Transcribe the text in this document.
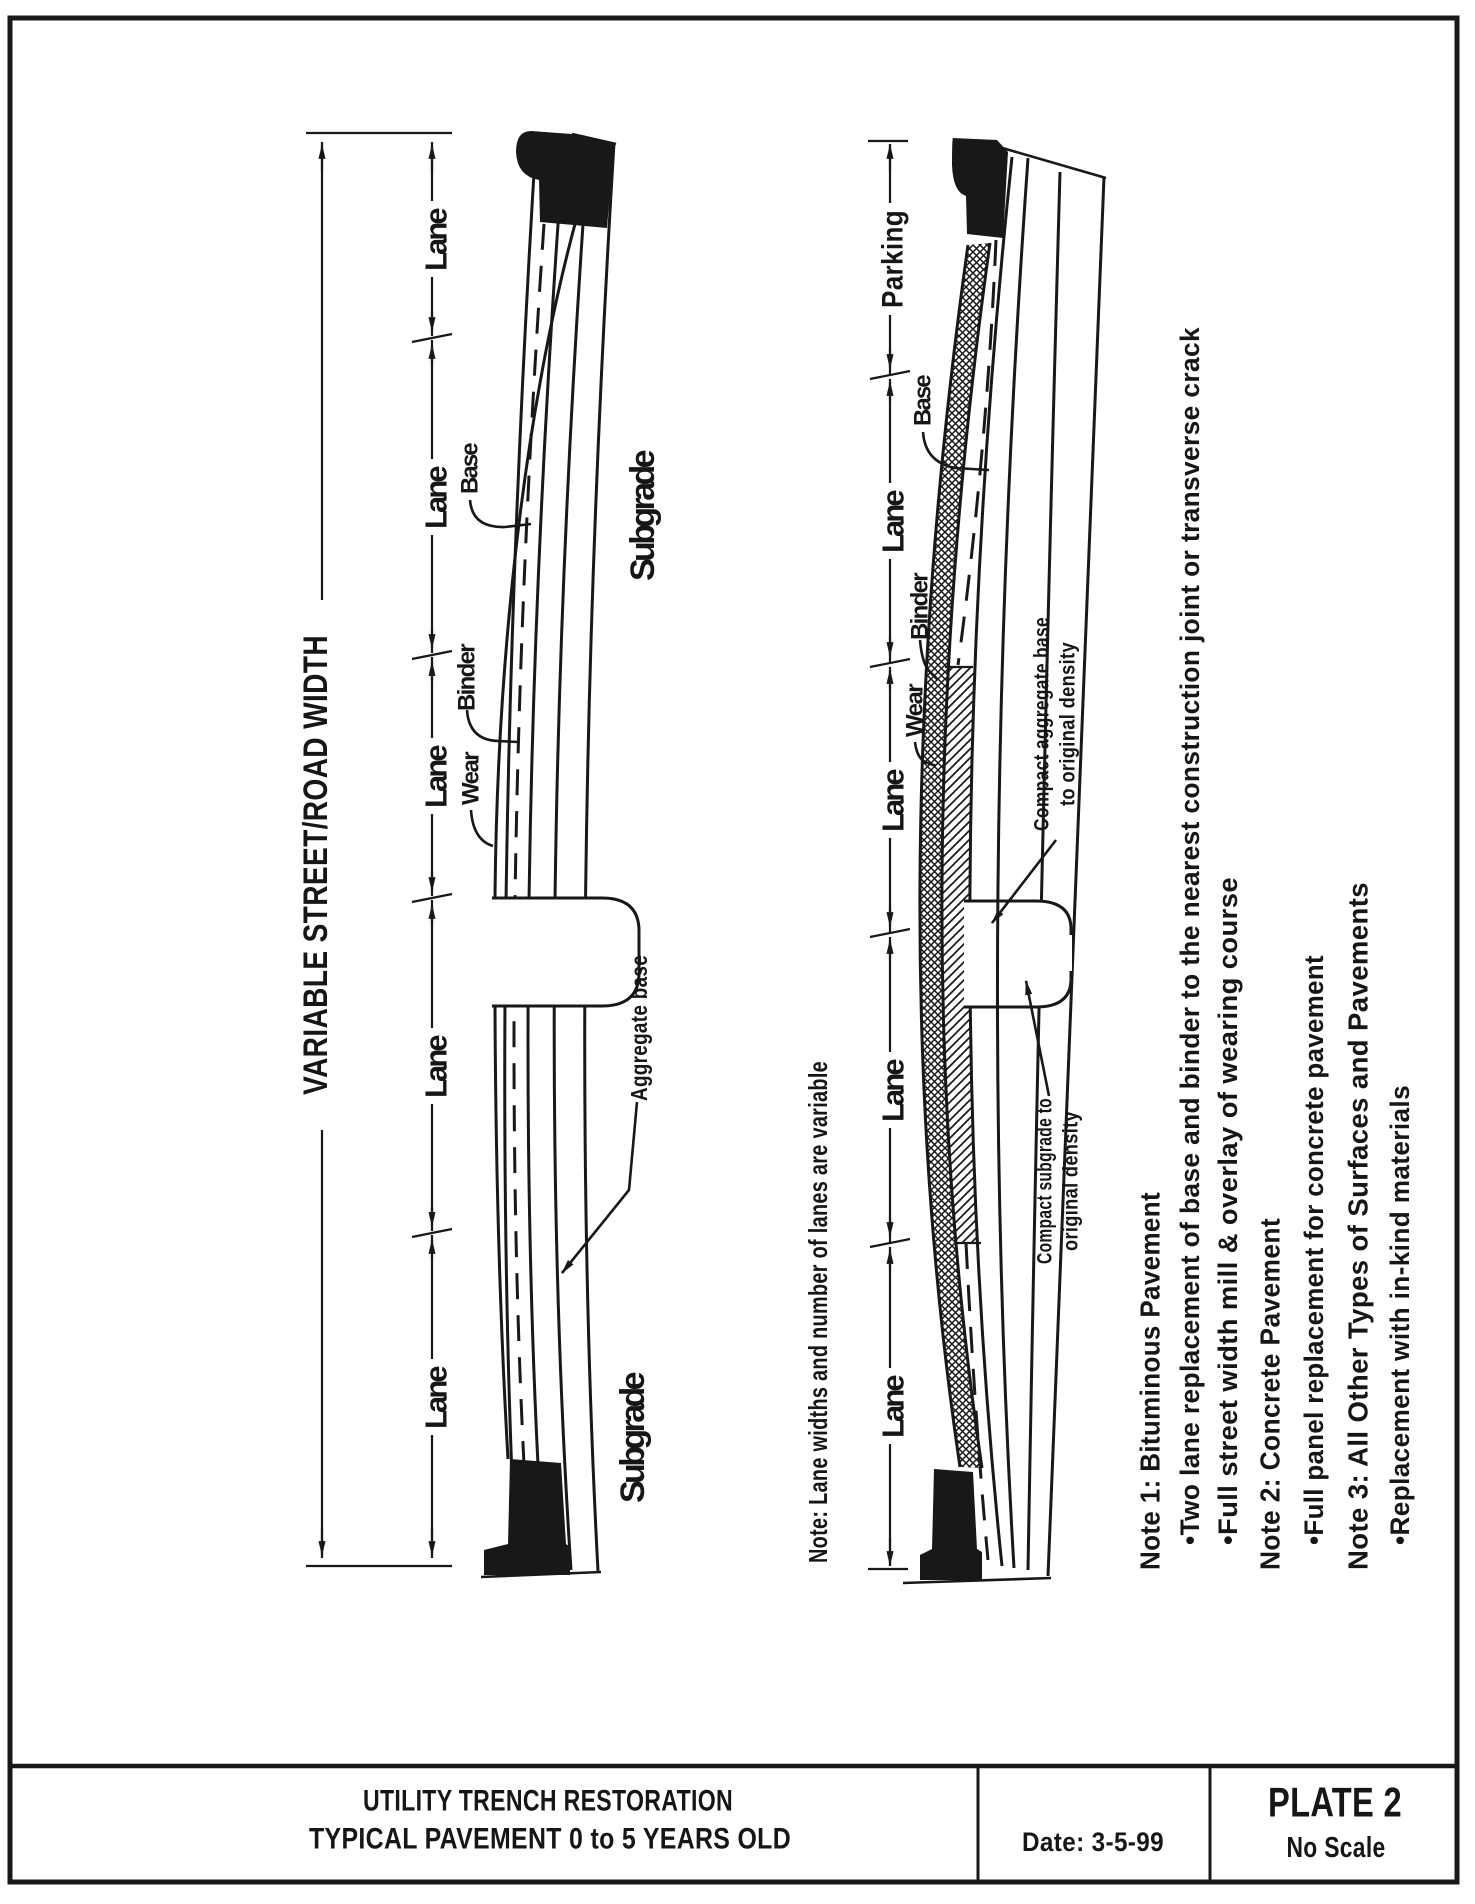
VARIABLE STREET/ROAD WIDTH
Lane
Lane
Lane
Lane
Lane
Base
Binder
Wear
Aggregate base
Subgrade
Subgrade	Note: Lane widths and number of lanes are variable
Parking
Lane
Lane
Lane
Lane
Base
Binder
Wear	Compact aggregate base to original density
Compact subgrade to original density Note 1: Bituminous Pavement •Two lane replacement of base and binder to the nearest construction joint or transverse crack •Full street width mill & overlay of wearing course Note 2: Concrete Pavement •Full panel replacement for concrete pavement Note 3: All Other Types of Surfaces and Pavements •Replacement with in-kind materials
UTILITY TRENCH RESTORATION
TYPICAL PAVEMENT 0 to 5 YEARS OLD	Date: 3-5-99
PLATE 2
No Scale
